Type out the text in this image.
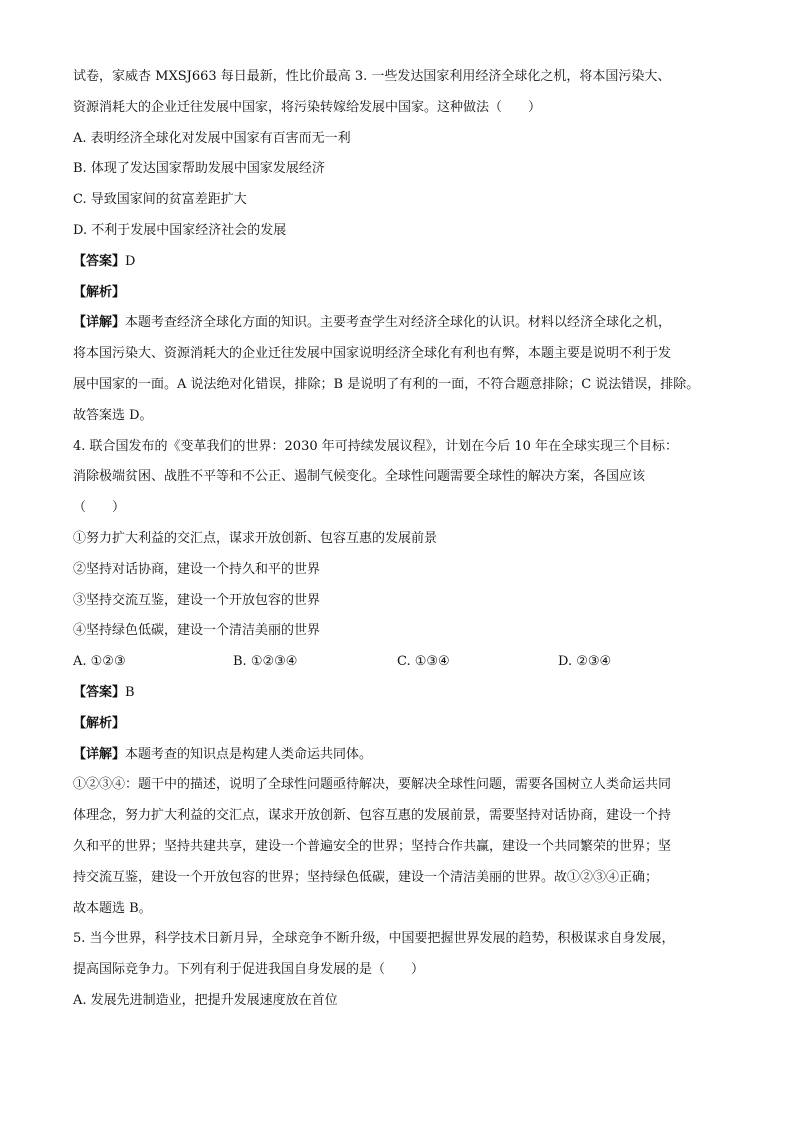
试卷，家威杏 MXSJ663 每日最新，性比价最高 3. 一些发达国家利用经济全球化之机，将本国污染大、
资源消耗大的企业迁往发展中国家，将污染转嫁给发展中国家。这种做法（　　）
A. 表明经济全球化对发展中国家有百害而无一利
B. 体现了发达国家帮助发展中国家发展经济
C. 导致国家间的贫富差距扩大
D. 不利于发展中国家经济社会的发展
【答案】D
【解析】
【详解】本题考查经济全球化方面的知识。主要考查学生对经济全球化的认识。材料以经济全球化之机，
将本国污染大、资源消耗大的企业迁往发展中国家说明经济全球化有利也有弊，本题主要是说明不利于发
展中国家的一面。A 说法绝对化错误，排除；B 是说明了有利的一面，不符合题意排除；C 说法错误，排除。
故答案选 D。
4. 联合国发布的《变革我们的世界：2030 年可持续发展议程》，计划在今后 10 年在全球实现三个目标：
消除极端贫困、战胜不平等和不公正、遏制气候变化。全球性问题需要全球性的解决方案，各国应该
（　　）
①努力扩大利益的交汇点，谋求开放创新、包容互惠的发展前景
②坚持对话协商，建设一个持久和平的世界
③坚持交流互鉴，建设一个开放包容的世界
④坚持绿色低碳，建设一个清洁美丽的世界
A. ①②③	B. ①②③④	C. ①③④	D. ②③④
【答案】B
【解析】
【详解】本题考查的知识点是构建人类命运共同体。
①②③④：题干中的描述，说明了全球性问题亟待解决，要解决全球性问题，需要各国树立人类命运共同
体理念，努力扩大利益的交汇点，谋求开放创新、包容互惠的发展前景，需要坚持对话协商，建设一个持
久和平的世界；坚持共建共享，建设一个普遍安全的世界；坚持合作共赢，建设一个共同繁荣的世界；坚
持交流互鉴，建设一个开放包容的世界；坚持绿色低碳，建设一个清洁美丽的世界。故①②③④正确；
故本题选 B。
5. 当今世界，科学技术日新月异，全球竞争不断升级，中国要把握世界发展的趋势，积极谋求自身发展，
提高国际竞争力。下列有利于促进我国自身发展的是（　　）
A. 发展先进制造业，把提升发展速度放在首位
